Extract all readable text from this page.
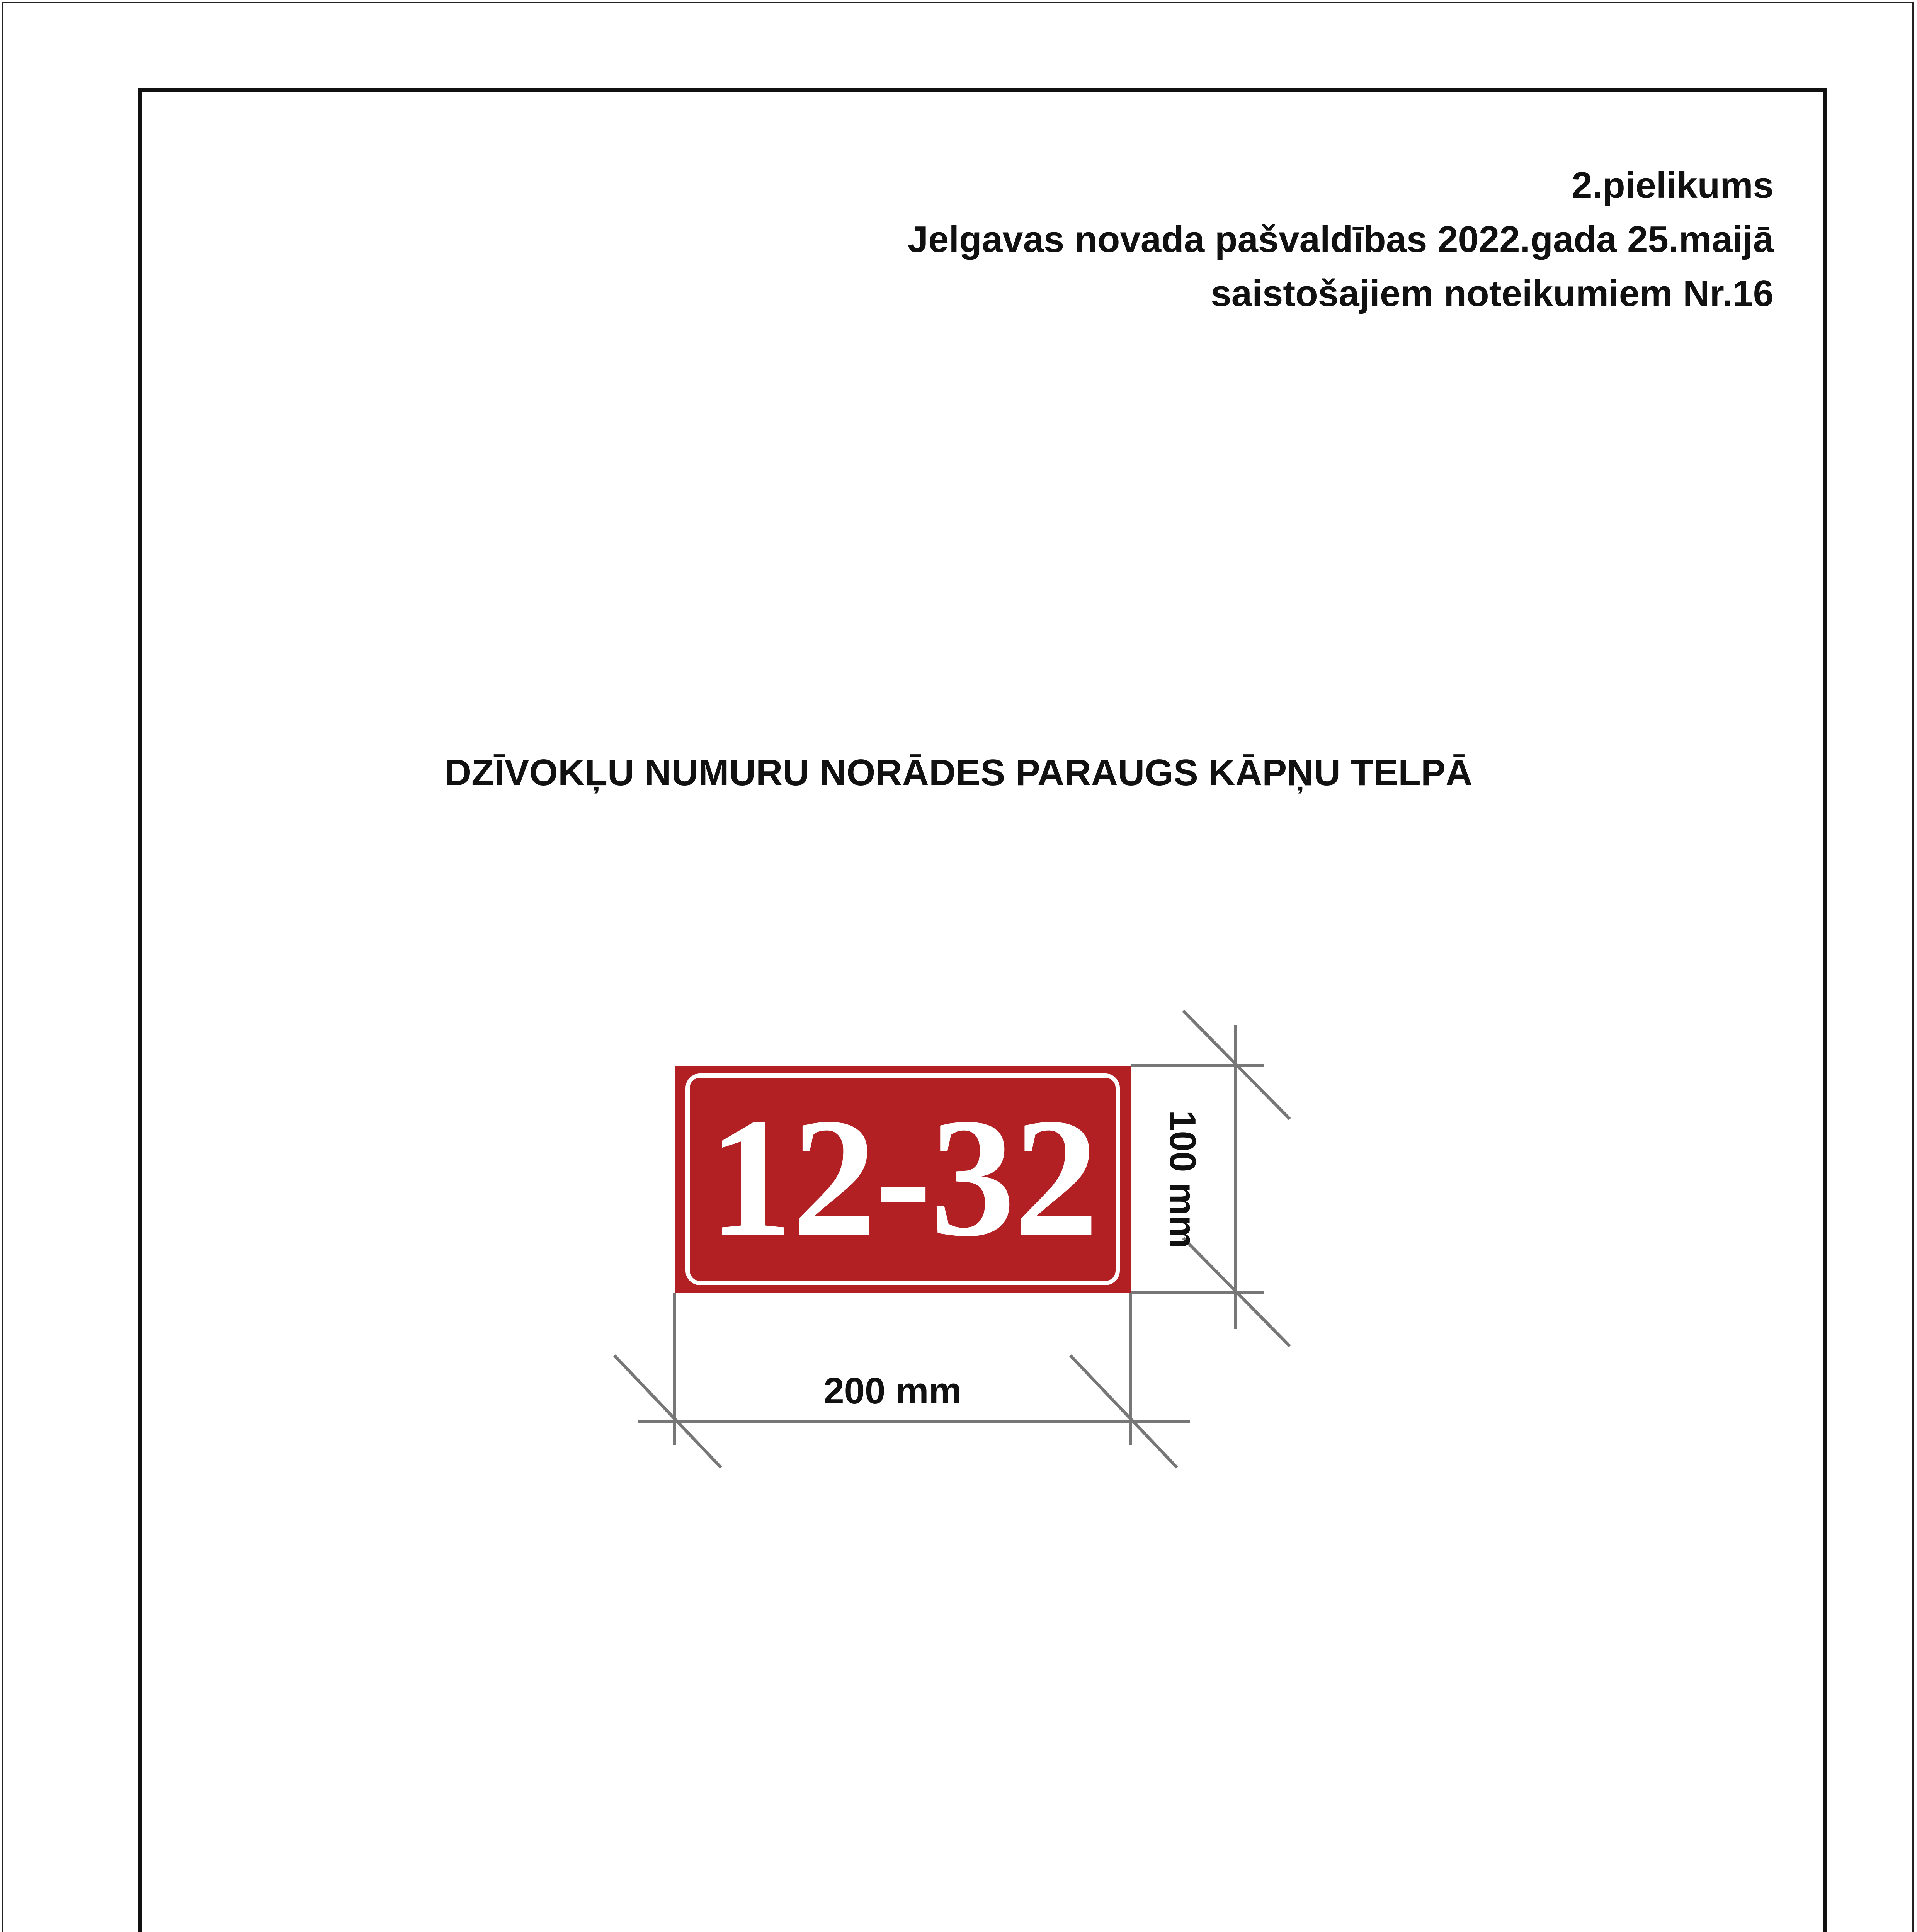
2.pielikums
Jelgavas novada pašvaldības 2022.gada 25.maijā
saistošajiem noteikumiem Nr.16
DZĪVOKĻU NUMURU NORĀDES PARAUGS KĀPŅU TELPĀ
12-32
200 mm
100 mm
